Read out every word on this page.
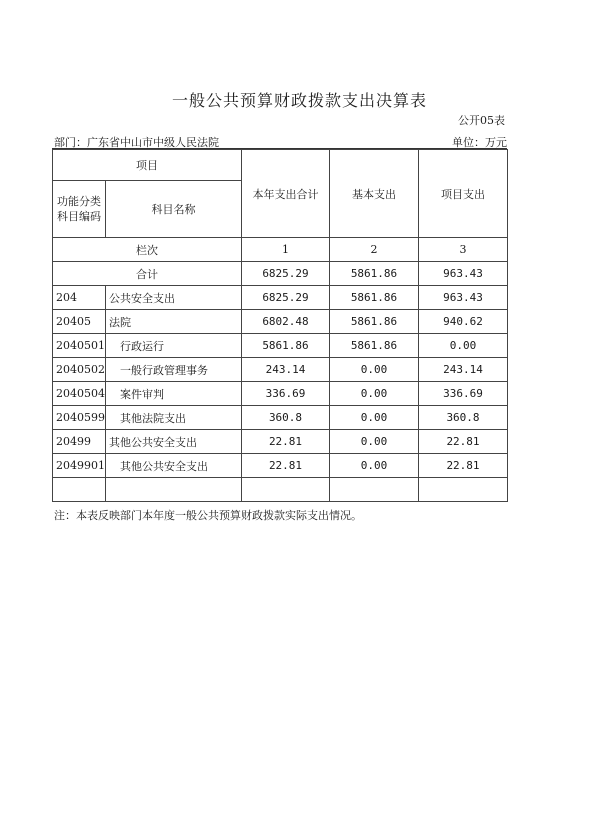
一般公共预算财政拨款支出决算表
公开05表
部门：广东省中山市中级人民法院	单位：万元
项目		本年支出合计	基本支出	项目支出

功能分类
科目编码	科目名称			
栏次		1	2	3
合计		6825.29	5861.86	963.43
204	公共安全支出	6825.29	5861.86	963.43
20405	法院	6802.48	5861.86	940.62
2040501	行政运行	5861.86	5861.86	0.00
2040502	一般行政管理事务	243.14	0.00	243.14
2040504	案件审判	336.69	0.00	336.69
2040599	其他法院支出	360.8	0.00	360.8
20499	其他公共安全支出	22.81	0.00	22.81
2049901	其他公共安全支出	22.81	0.00	22.81

注：本表反映部门本年度一般公共预算财政拨款实际支出情况。
